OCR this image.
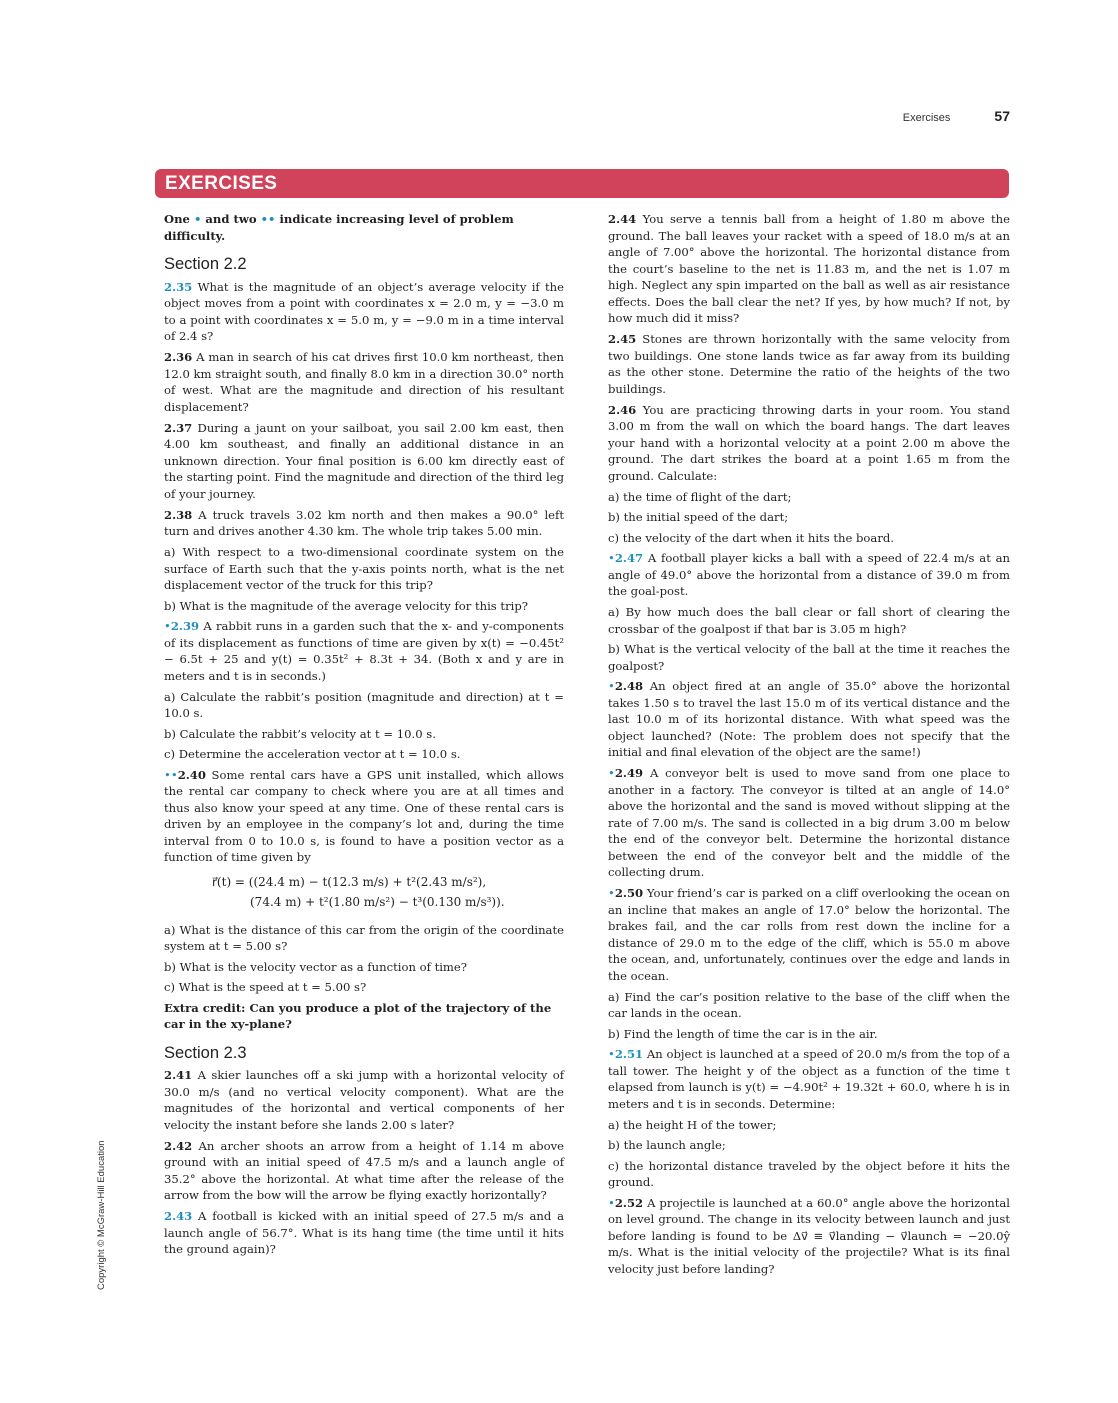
Exercises	57
EXERCISES

One • and two •• indicate increasing level of problem difficulty.

Section 2.2

2.35 What is the magnitude of an object’s average velocity if the object moves from a point with coordinates x = 2.0 m, y = −3.0 m to a point with coordinates x = 5.0 m, y = −9.0 m in a time interval of 2.4 s?

2.36 A man in search of his cat drives first 10.0 km northeast, then 12.0 km straight south, and finally 8.0 km in a direction 30.0° north of west. What are the magnitude and direction of his resultant displacement?

2.37 During a jaunt on your sailboat, you sail 2.00 km east, then 4.00 km southeast, and finally an additional distance in an unknown direction. Your final position is 6.00 km directly east of the starting point. Find the magnitude and direction of the third leg of your journey.

2.38 A truck travels 3.02 km north and then makes a 90.0° left turn and drives another 4.30 km. The whole trip takes 5.00 min.

a) With respect to a two-dimensional coordinate system on the surface of Earth such that the y-axis points north, what is the net displacement vector of the truck for this trip?

b) What is the magnitude of the average velocity for this trip?

•2.39 A rabbit runs in a garden such that the x- and y-components of its displacement as functions of time are given by x(t) = −0.45t² − 6.5t + 25 and y(t) = 0.35t² + 8.3t + 34. (Both x and y are in meters and t is in seconds.)

a) Calculate the rabbit’s position (magnitude and direction) at t = 10.0 s.

b) Calculate the rabbit’s velocity at t = 10.0 s.

c) Determine the acceleration vector at t = 10.0 s.

••2.40 Some rental cars have a GPS unit installed, which allows the rental car company to check where you are at all times and thus also know your speed at any time. One of these rental cars is driven by an employee in the company’s lot and, during the time interval from 0 to 10.0 s, is found to have a position vector as a function of time given by

r⃗(t) = ((24.4 m) − t(12.3 m/s) + t²(2.43 m/s²),
(74.4 m) + t²(1.80 m/s²) − t³(0.130 m/s³)).

a) What is the distance of this car from the origin of the coordinate system at t = 5.00 s?

b) What is the velocity vector as a function of time?

c) What is the speed at t = 5.00 s?

Extra credit: Can you produce a plot of the trajectory of the car in the xy-plane?

Section 2.3

2.41 A skier launches off a ski jump with a horizontal velocity of 30.0 m/s (and no vertical velocity component). What are the magnitudes of the horizontal and vertical components of her velocity the instant before she lands 2.00 s later?

2.42 An archer shoots an arrow from a height of 1.14 m above ground with an initial speed of 47.5 m/s and a launch angle of 35.2° above the horizontal. At what time after the release of the arrow from the bow will the arrow be flying exactly horizontally?

2.43 A football is kicked with an initial speed of 27.5 m/s and a launch angle of 56.7°. What is its hang time (the time until it hits the ground again)?

2.44 You serve a tennis ball from a height of 1.80 m above the ground. The ball leaves your racket with a speed of 18.0 m/s at an angle of 7.00° above the horizontal. The horizontal distance from the court’s baseline to the net is 11.83 m, and the net is 1.07 m high. Neglect any spin imparted on the ball as well as air resistance effects. Does the ball clear the net? If yes, by how much? If not, by how much did it miss?

2.45 Stones are thrown horizontally with the same velocity from two buildings. One stone lands twice as far away from its building as the other stone. Determine the ratio of the heights of the two buildings.

2.46 You are practicing throwing darts in your room. You stand 3.00 m from the wall on which the board hangs. The dart leaves your hand with a horizontal velocity at a point 2.00 m above the ground. The dart strikes the board at a point 1.65 m from the ground. Calculate:

a) the time of flight of the dart;

b) the initial speed of the dart;

c) the velocity of the dart when it hits the board.

•2.47 A football player kicks a ball with a speed of 22.4 m/s at an angle of 49.0° above the horizontal from a distance of 39.0 m from the goal-post.

a) By how much does the ball clear or fall short of clearing the crossbar of the goalpost if that bar is 3.05 m high?

b) What is the vertical velocity of the ball at the time it reaches the goalpost?

•2.48 An object fired at an angle of 35.0° above the horizontal takes 1.50 s to travel the last 15.0 m of its vertical distance and the last 10.0 m of its horizontal distance. With what speed was the object launched? (Note: The problem does not specify that the initial and final elevation of the object are the same!)

•2.49 A conveyor belt is used to move sand from one place to another in a factory. The conveyor is tilted at an angle of 14.0° above the horizontal and the sand is moved without slipping at the rate of 7.00 m/s. The sand is collected in a big drum 3.00 m below the end of the conveyor belt. Determine the horizontal distance between the end of the conveyor belt and the middle of the collecting drum.

•2.50 Your friend’s car is parked on a cliff overlooking the ocean on an incline that makes an angle of 17.0° below the horizontal. The brakes fail, and the car rolls from rest down the incline for a distance of 29.0 m to the edge of the cliff, which is 55.0 m above the ocean, and, unfortunately, continues over the edge and lands in the ocean.

a) Find the car’s position relative to the base of the cliff when the car lands in the ocean.

b) Find the length of time the car is in the air.

•2.51 An object is launched at a speed of 20.0 m/s from the top of a tall tower. The height y of the object as a function of the time t elapsed from launch is y(t) = −4.90t² + 19.32t + 60.0, where h is in meters and t is in seconds. Determine:

a) the height H of the tower;

b) the launch angle;

c) the horizontal distance traveled by the object before it hits the ground.

•2.52 A projectile is launched at a 60.0° angle above the horizontal on level ground. The change in its velocity between launch and just before landing is found to be Δv⃗ ≡ v⃗landing − v⃗launch = −20.0ŷ m/s. What is the initial velocity of the projectile? What is its final velocity just before landing?

Copyright © McGraw-Hill Education
